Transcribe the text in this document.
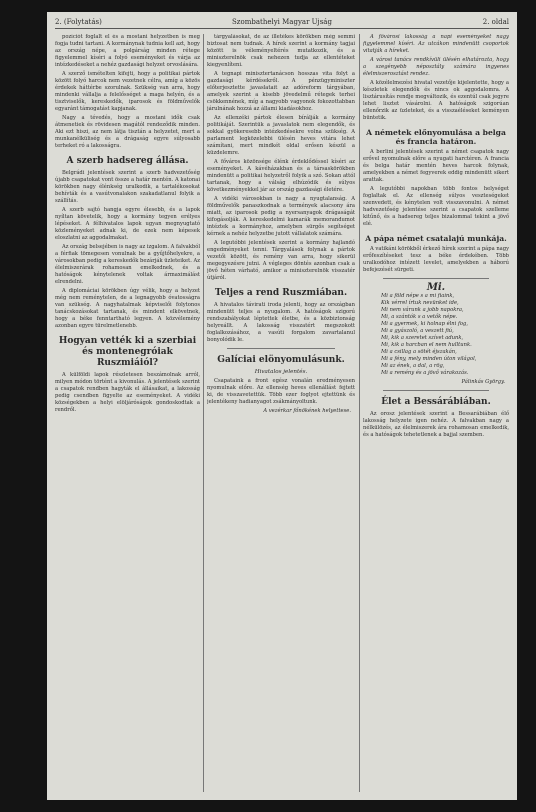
2. (Folytatás)	Szombathelyi Magyar Ujság	2. oldal

pozíciót foglalt el és a mostani helyzetben is meg fogja tudni tartani. A kormánynak tudnia kell azt, hogy az ország népe, a polgárság minden rétege figyelemmel kíséri a folyó eseményeket és várja az intézkedéseket a nehéz gazdasági helyzet orvoslására.

A szerző ismételten kifejti, hogy a politikai pártok között folyó harcok nem vezetnek célra, amíg a közös érdekek háttérbe szorulnak. Szükség van arra, hogy mindenki vállalja a felelősséget a maga helyén, és a tisztviselők, kereskedők, iparosok és földművelők egyaránt támogatást kapjanak.

Nagy a tévedés, hogy a mostani idők csak átmenetiek és rövidesen magától rendeződik minden. Aki ezt hiszi, az nem látja tisztán a helyzetet, mert a munkanélküliség és a drágaság egyre súlyosabb terheket ró a lakosságra.

A szerb hadsereg állása.

Belgrádi jelentések szerint a szerb hadvezetőség újabb csapatokat vont össze a határ mentén. A katonai körökben nagy élénkség uralkodik, a tartalékosokat behívták és a vasútvonalakon szakadatlanul folyik a szállítás.

A szerb sajtó hangja egyre élesebb, és a lapok nyíltan követelik, hogy a kormány tegyen erélyes lépéseket. A félhivatalos lapok ugyan megnyugtató közleményeket adnak ki, de ezek nem képesek eloszlatni az aggodalmakat.

Az ország belsejében is nagy az izgalom. A falvakból a férfiak tömegesen vonulnak be a gyűjtőhelyekre, a városokban pedig a kereskedők bezárják üzleteiket. Az élelmiszerárak rohamosan emelkednek, és a hatóságok kénytelenek voltak ármaximálást elrendelni.

A diplomáciai körökben úgy vélik, hogy a helyzet még nem reménytelen, de a legnagyobb óvatosságra van szükség. A nagyhatalmak képviselői folytonos tanácskozásokat tartanak, és mindent elkövetnek, hogy a béke fenntartható legyen. A közvélemény azonban egyre türelmetlenebb.

Hogyan vették ki a szerbiai és montenegróiak Ruszmiáiól?

A külföldi lapok részletesen beszámolnak arról, milyen módon történt a kivonulás. A jelentések szerint a csapatok rendben hagyták el állásaikat, a lakosság pedig csendben figyelte az eseményeket. A vidéki községekben a helyi elöljáróságok gondoskodtak a rendről.

tárgyalásokat, de az illetékes körökben még semmi biztosat nem tudnak. A hírek szerint a kormány tagjai között is véleményeltérés mutatkozik, és a miniszterelnök csak nehezen tudja az ellentéteket kiegyenlíteni.

A tegnapi minisztertanácson hosszas vita folyt a gazdasági kérdésekről. A pénzügyminiszter előterjesztette javaslatait az adóreform tárgyában, amelyek szerint a kisebb jövedelmű rétegek terhei csökkennének, míg a nagyobb vagyonok fokozottabban járulnának hozzá az állami kiadásokhoz.

Az ellenzéki pártok élesen bírálják a kormány politikáját. Szerintük a javaslatok nem elegendők, és sokkal gyökeresebb intézkedésekre volna szükség. A parlament legközelebbi ülésén heves vitára lehet számítani, mert mindkét oldal erősen készül a küzdelemre.

A főváros közönsége élénk érdeklődéssel kíséri az eseményeket. A kávéházakban és a társaskörökben mindenütt a politikai helyzetről folyik a szó. Sokan attól tartanak, hogy a válság elhúzódik és súlyos következményekkel jár az ország gazdasági életére.

A vidéki városokban is nagy a nyugtalanság. A földművelők panaszkodnak a termények alacsony ára miatt, az iparosok pedig a nyersanyagok drágaságát kifogásolják. A kereskedelmi kamarák memorandumot intéztek a kormányhoz, amelyben sürgős segítséget kérnek a nehéz helyzetbe jutott vállalatok számára.

A legutóbbi jelentések szerint a kormány hajlandó engedményeket tenni. Tárgyalások folynak a pártok vezetői között, és remény van arra, hogy sikerül megegyezésre jutni. A végleges döntés azonban csak a jövő héten várható, amikor a miniszterelnök visszatér útjáról.

Teljes a rend Ruszmiában.

A hivatalos távirati iroda jelenti, hogy az országban mindenütt teljes a nyugalom. A hatóságok szigorú rendszabályokat léptettek életbe, és a közbiztonság helyreállt. A lakosság visszatért megszokott foglalkozásához, a vasúti forgalom zavartalanul bonyolódik le.

Galíciai elönyomulásunk.
Hivatalos jelentés.

Csapataink a front egész vonalán eredményesen nyomulnak előre. Az ellenség heves ellenállást fejtett ki, de visszavetettük. Több ezer foglyot ejtettünk és jelentékeny hadianyagot zsákmányoltunk.

A vezérkar főnökének helyettese.

A fővárosi lakosság a napi eseményeket nagy figyelemmel kíséri. Az utcákon mindenütt csoportok vitatják a híreket.

A városi tanács rendkívüli ülésén elhatározta, hogy a szegényebb néposztály számára ingyenes élelmiszerosztást rendez.

A közélelmezési hivatal vezetője kijelentette, hogy a készletek elegendők és nincs ok aggodalomra. A lisztárusítás rendje megváltozik, és ezentúl csak jegyre lehet lisztet vásárolni. A hatóságok szigorúan ellenőrzik az üzleteket, és a visszaéléseket keményen büntetik.

A németek előnyomulása a belga és francia határon.

A berlini jelentések szerint a német csapatok nagy erővel nyomulnak előre a nyugati harctéren. A francia és belga határ mentén heves harcok folynak, amelyekben a német fegyverek eddig mindenütt sikert arattak.

A legutóbbi napokban több fontos helységet foglaltak el. Az ellenség súlyos veszteségeket szenvedett, és kénytelen volt visszavonulni. A német hadvezetőség jelentése szerint a csapatok szelleme kitűnő, és a hadsereg teljes bizalommal tekint a jövő elé.

A pápa német csatalajú munkája.

A vatikáni körökből érkező hírek szerint a pápa nagy erőfeszítéseket tesz a béke érdekében. Több uralkodóhoz intézett levelet, amelyekben a háború befejezését sürgeti.

Mi.
Mi a föld népe s a mi fiaink,
Kik vérrel írtuk nevünket ide,
Mi nem várunk a jobb napokra,
Mi, a szántók s a vetők népe.
Mi a gyermek, ki holnap élni fog,
Mi a gyászoló, a veszett fiú,
Mi, kik a szeretet szívet adunk,
Mi, kik a harcban el nem hulltunk.
Mi a csillag a sötét éjszakán,
Mi a fény, mely minden úton világol,
Mi az ének, a dal, a rög,
Mi a remény és a jövő várakozás.
Pálinkás György.
Élet a Bessárábiában.

Az orosz jelentések szerint a Bessarábiában élő lakosság helyzete igen nehéz. A falvakban nagy a nélkülözés, az élelmiszerek ára rohamosan emelkedik, és a hatóságok tehetetlenek a bajjal szemben.
